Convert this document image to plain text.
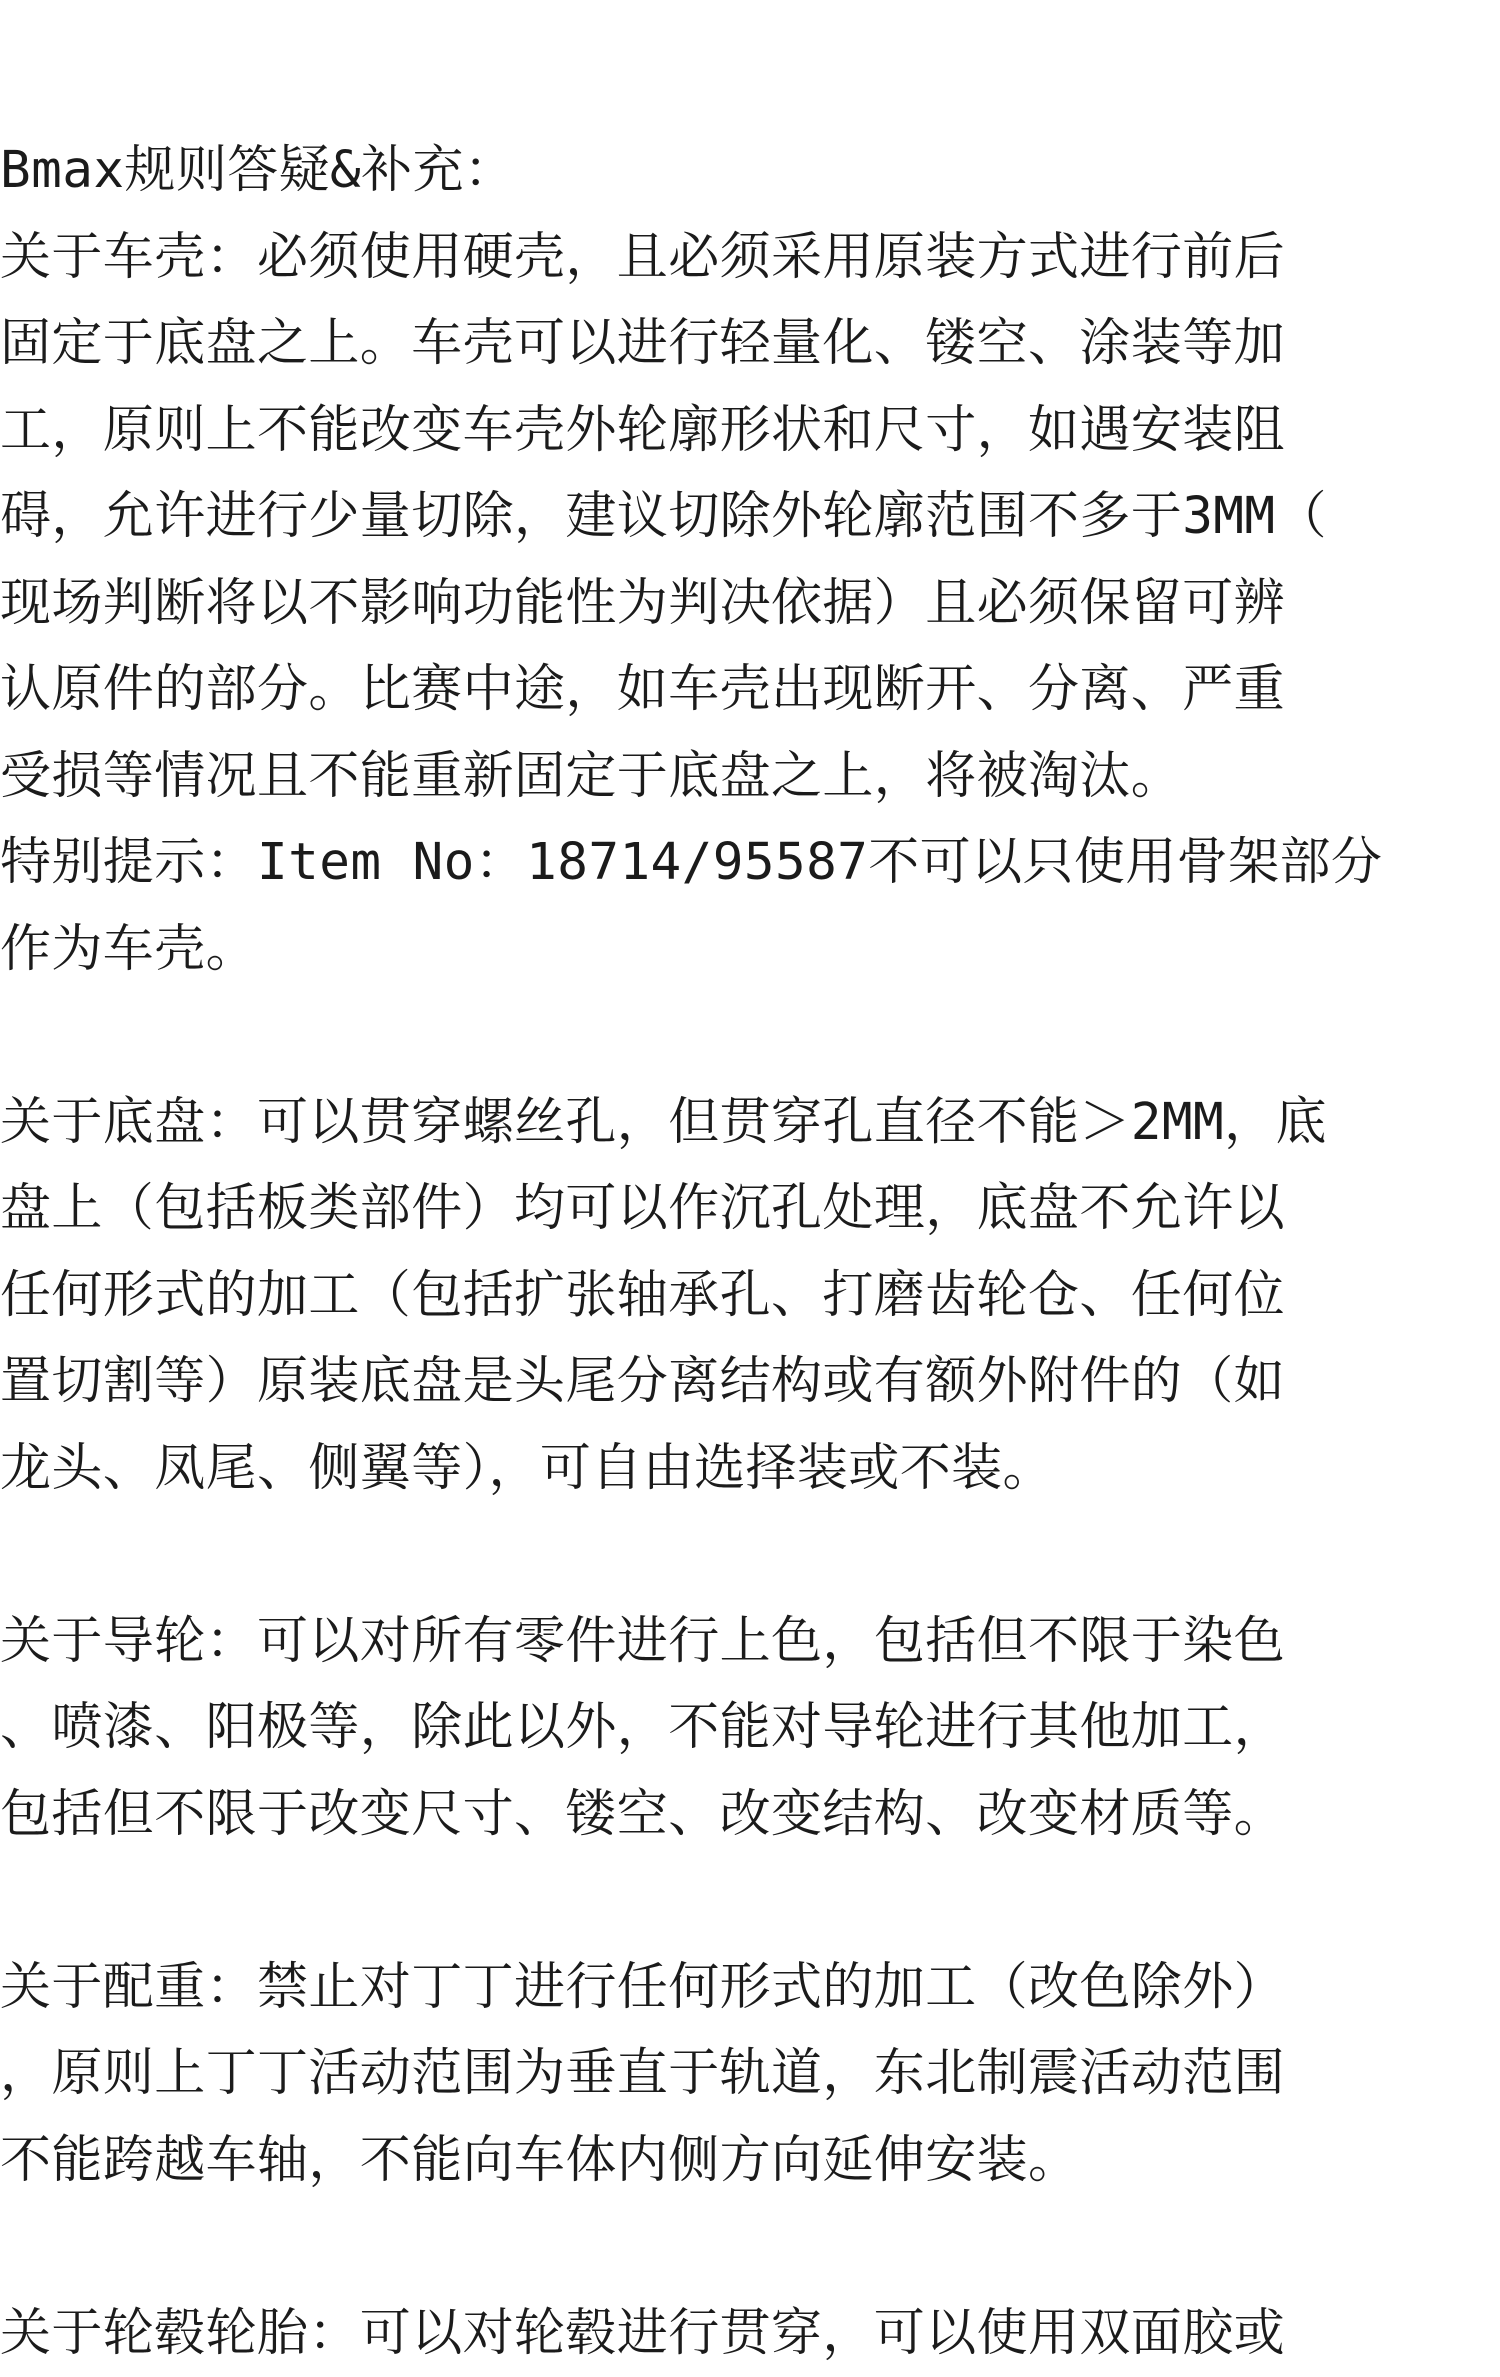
Bmax规则答疑&补充：
关于车壳：必须使用硬壳，且必须采用原装方式进行前后
固定于底盘之上。车壳可以进行轻量化、镂空、涂装等加
工，原则上不能改变车壳外轮廓形状和尺寸，如遇安装阻
碍，允许进行少量切除，建议切除外轮廓范围不多于3MM（
现场判断将以不影响功能性为判决依据）且必须保留可辨
认原件的部分。比赛中途，如车壳出现断开、分离、严重
受损等情况且不能重新固定于底盘之上，将被淘汰。
特别提示：Item No：18714/95587不可以只使用骨架部分
作为车壳。
关于底盘：可以贯穿螺丝孔，但贯穿孔直径不能＞2MM，底
盘上（包括板类部件）均可以作沉孔处理，底盘不允许以
任何形式的加工（包括扩张轴承孔、打磨齿轮仓、任何位
置切割等）原装底盘是头尾分离结构或有额外附件的（如
龙头、凤尾、侧翼等），可自由选择装或不装。
关于导轮：可以对所有零件进行上色，包括但不限于染色
、喷漆、阳极等，除此以外，不能对导轮进行其他加工，
包括但不限于改变尺寸、镂空、改变结构、改变材质等。
关于配重：禁止对丁丁进行任何形式的加工（改色除外）
，原则上丁丁活动范围为垂直于轨道，东北制震活动范围
不能跨越车轴，不能向车体内侧方向延伸安装。
关于轮毂轮胎：可以对轮毂进行贯穿，可以使用双面胶或
